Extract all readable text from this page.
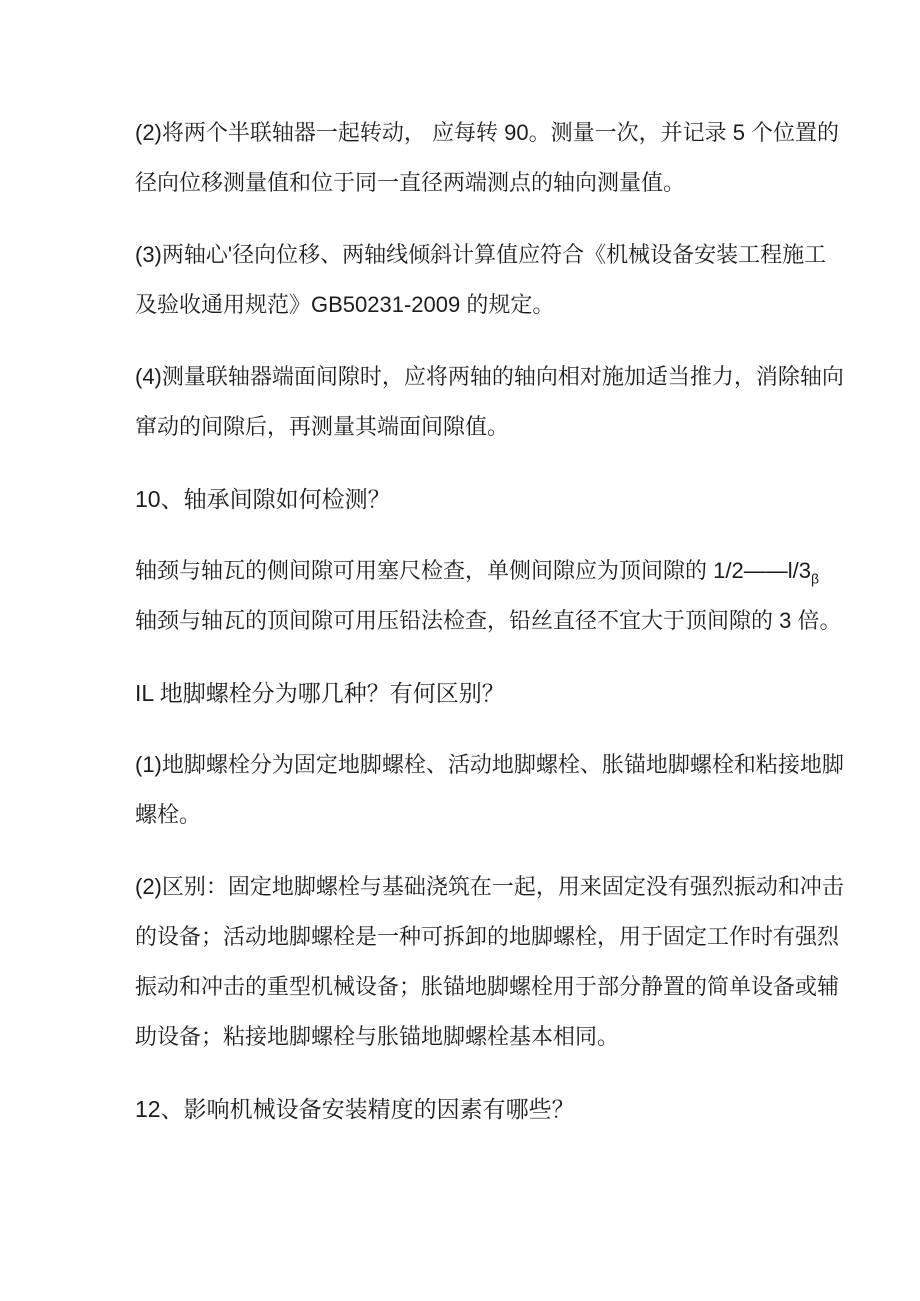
(2)将两个半联轴器一起转动， 应每转 90。测量一次，并记录 5 个位置的
径向位移测量值和位于同一直径两端测点的轴向测量值。
(3)两轴心'径向位移、两轴线倾斜计算值应符合《机械设备安装工程施工
及验收通用规范》GB50231-2009 的规定。
(4)测量联轴器端面间隙时，应将两轴的轴向相对施加适当推力，消除轴向
窜动的间隙后，再测量其端面间隙值。
10、轴承间隙如何检测？
轴颈与轴瓦的侧间隙可用塞尺检查，单侧间隙应为顶间隙的 $1/2——l/3_\beta$
轴颈与轴瓦的顶间隙可用压铅法检查，铅丝直径不宜大于顶间隙的 3 倍。
IL 地脚螺栓分为哪几种？有何区别？
(1)地脚螺栓分为固定地脚螺栓、活动地脚螺栓、胀锚地脚螺栓和粘接地脚
螺栓。
(2)区别：固定地脚螺栓与基础浇筑在一起，用来固定没有强烈振动和冲击
的设备；活动地脚螺栓是一种可拆卸的地脚螺栓，用于固定工作时有强烈
振动和冲击的重型机械设备；胀锚地脚螺栓用于部分静置的简单设备或辅
助设备；粘接地脚螺栓与胀锚地脚螺栓基本相同。
12、影响机械设备安装精度的因素有哪些？
